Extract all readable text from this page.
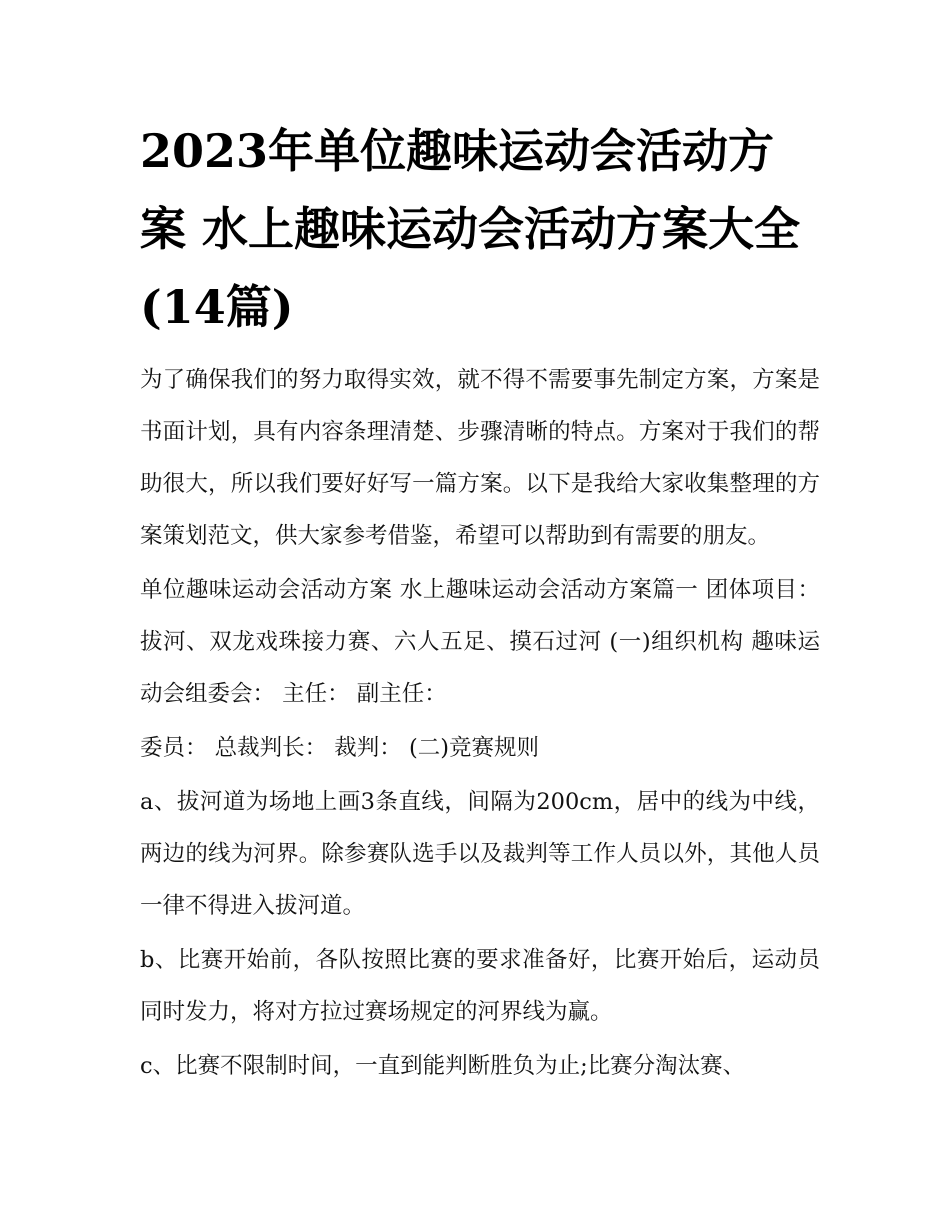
2023年单位趣味运动会活动方案 水上趣味运动会活动方案大全(14篇)

为了确保我们的努力取得实效，就不得不需要事先制定方案，方案是书面计划，具有内容条理清楚、步骤清晰的特点。方案对于我们的帮助很大，所以我们要好好写一篇方案。以下是我给大家收集整理的方案策划范文，供大家参考借鉴，希望可以帮助到有需要的朋友。

单位趣味运动会活动方案 水上趣味运动会活动方案篇一 团体项目：拔河、双龙戏珠接力赛、六人五足、摸石过河 (一)组织机构 趣味运动会组委会： 主任： 副主任：

委员： 总裁判长： 裁判： (二)竞赛规则

a、拔河道为场地上画3条直线，间隔为200cm，居中的线为中线，两边的线为河界。除参赛队选手以及裁判等工作人员以外，其他人员一律不得进入拔河道。

b、比赛开始前，各队按照比赛的要求准备好，比赛开始后，运动员同时发力，将对方拉过赛场规定的河界线为赢。

c、比赛不限制时间，一直到能判断胜负为止;比赛分淘汰赛、
